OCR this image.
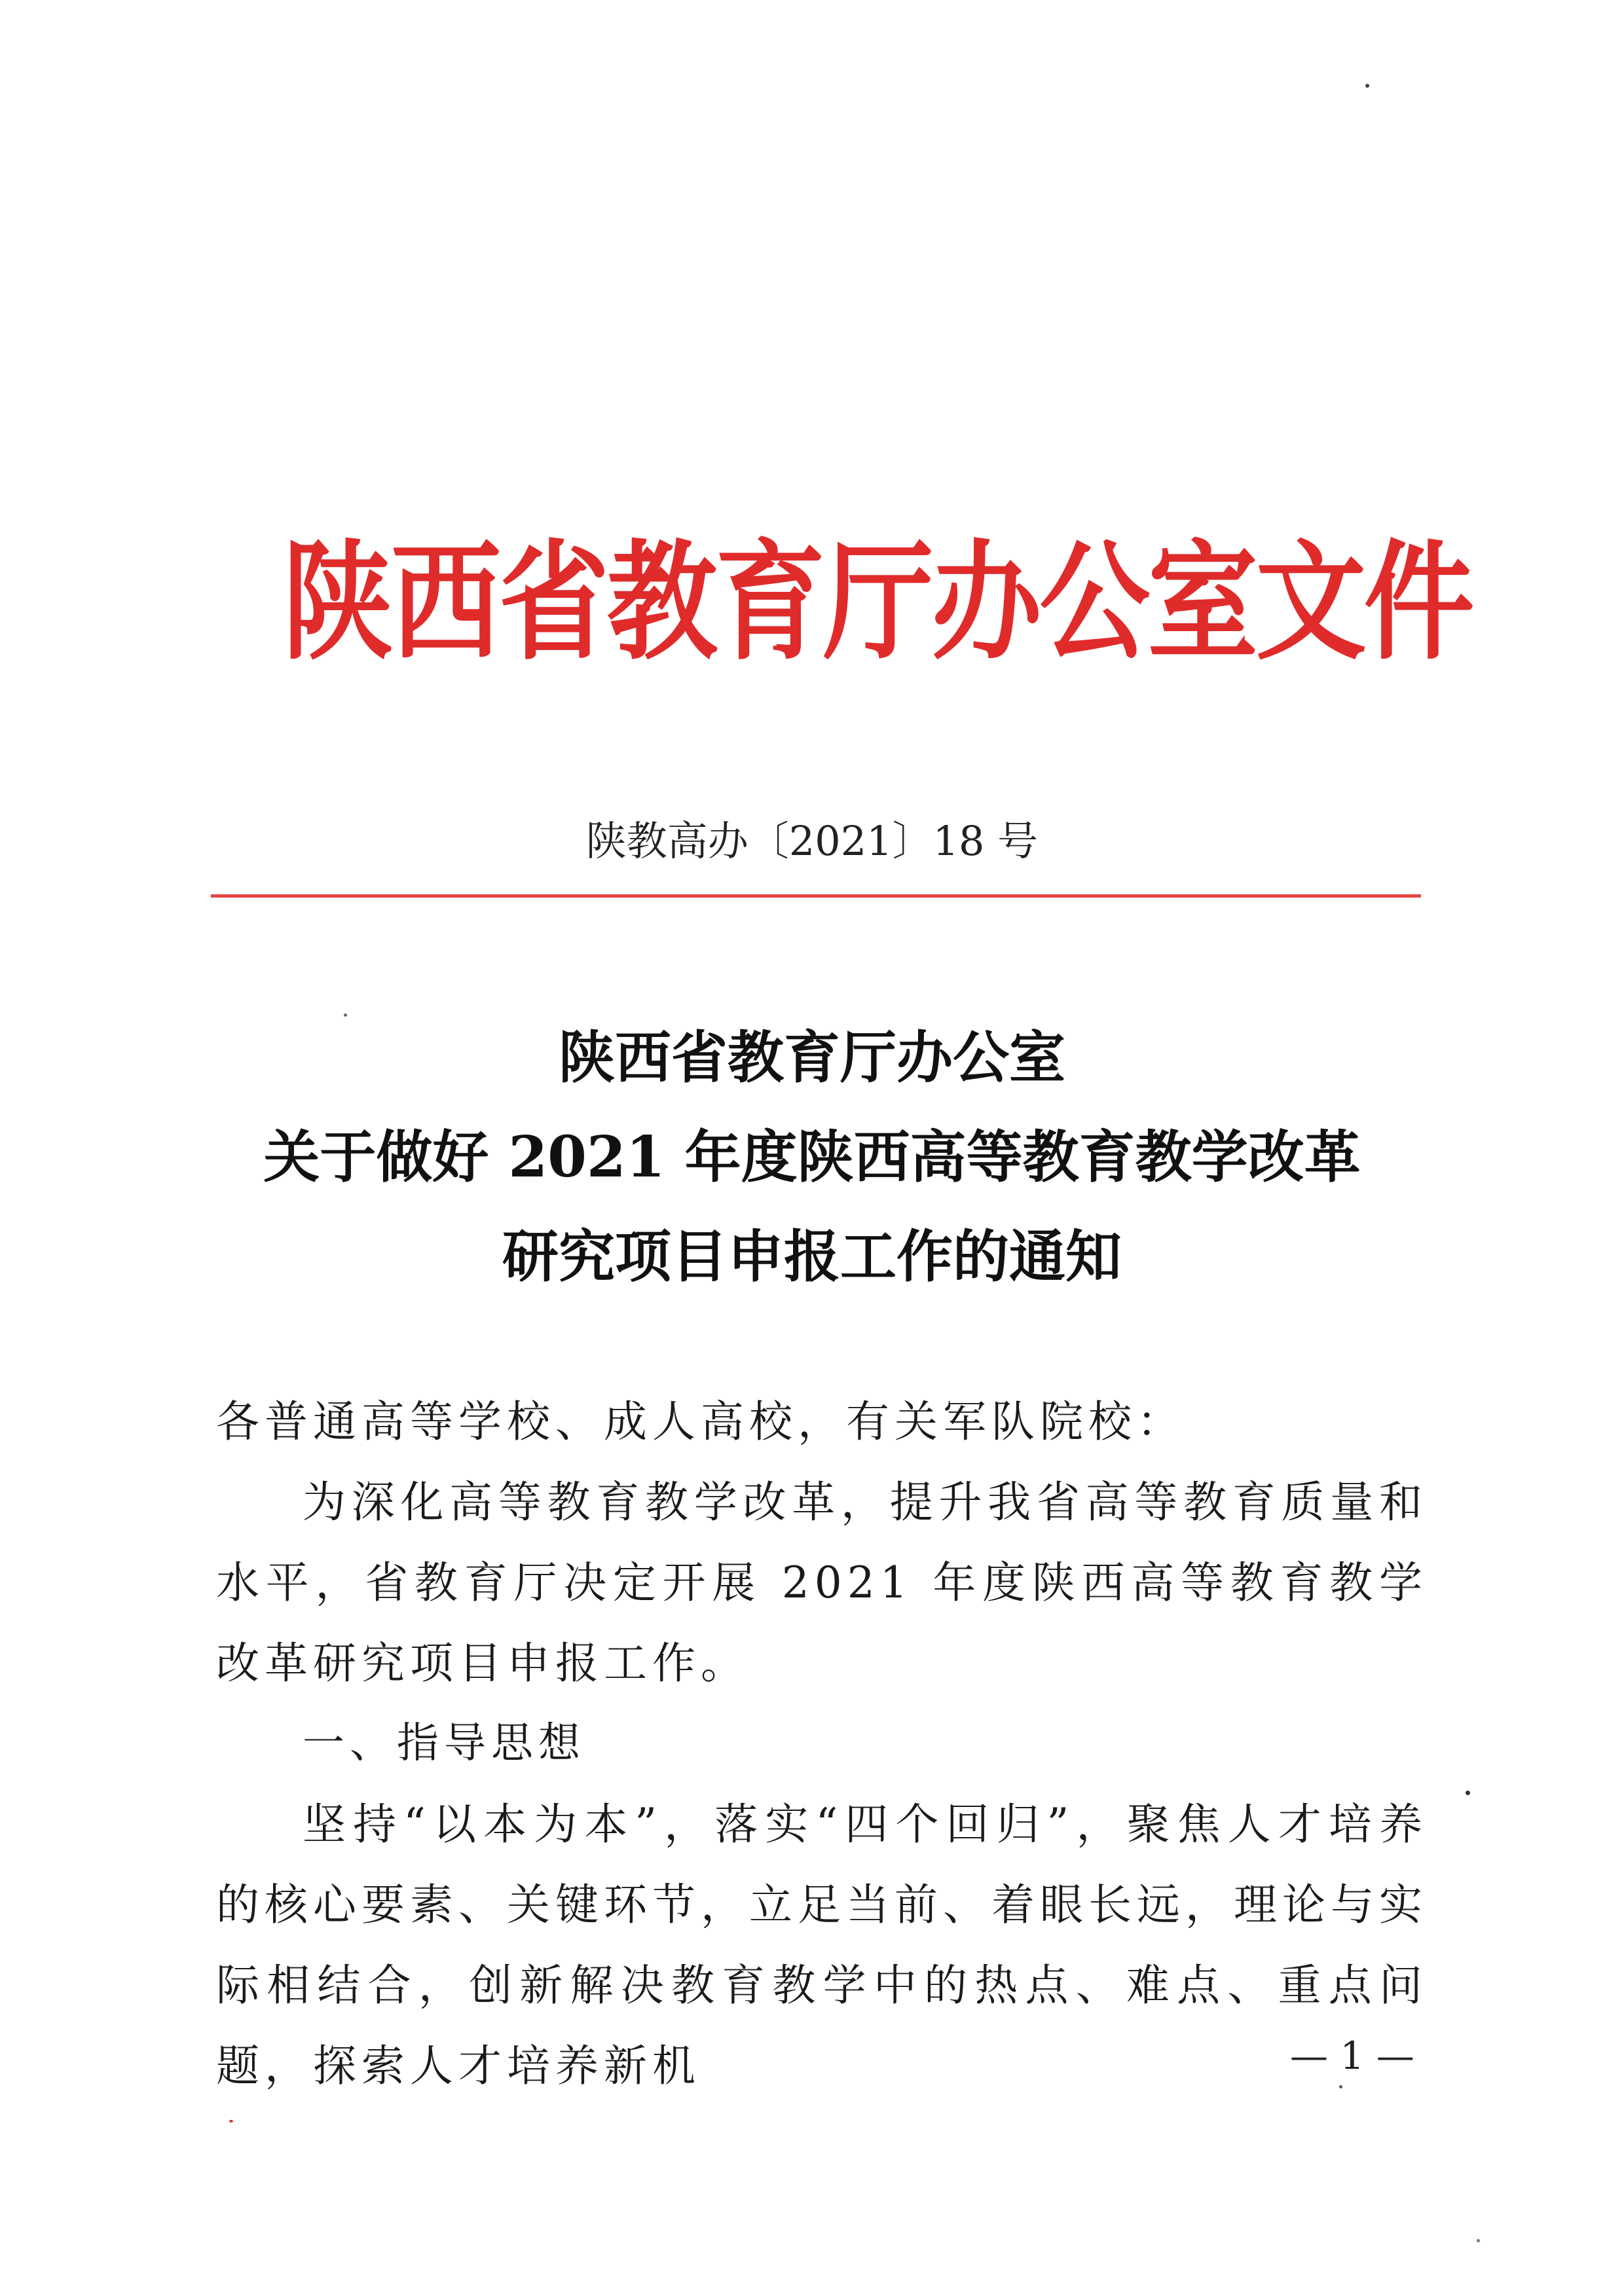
陕西省教育厅办公室文件
陕教高办〔2021〕18 号
陕西省教育厅办公室
关于做好 2021 年度陕西高等教育教学改革
研究项目申报工作的通知

各普通高等学校、成人高校，有关军队院校：

为深化高等教育教学改革，提升我省高等教育质量和水平，省教育厅决定开展 2021 年度陕西高等教育教学改革研究项目申报工作。

一、指导思想

坚持“以本为本”，落实“四个回归”，聚焦人才培养的核心要素、关键环节，立足当前、着眼长远，理论与实际相结合，创新解决教育教学中的热点、难点、重点问题，探索人才培养新机	— 1 —
